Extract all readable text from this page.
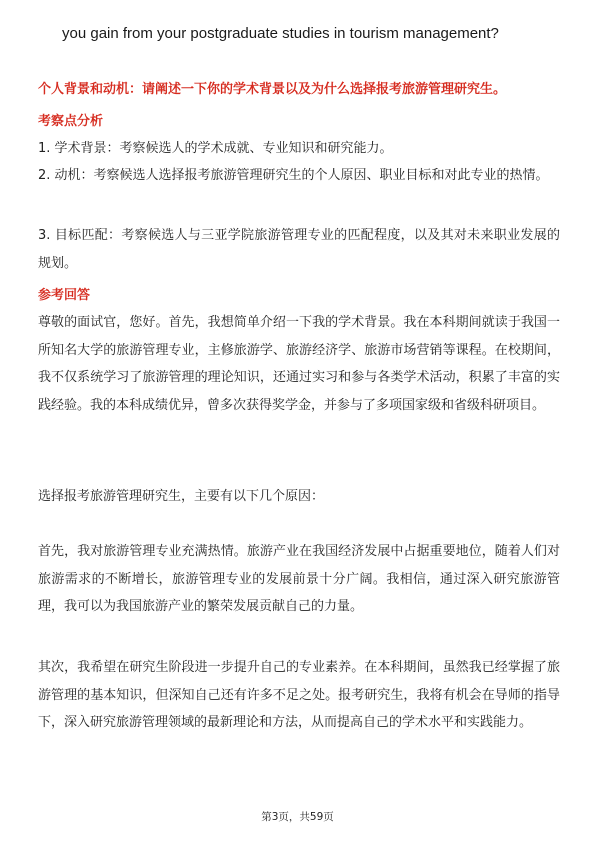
you gain from your postgraduate studies in tourism management?

个人背景和动机：请阐述一下你的学术背景以及为什么选择报考旅游管理研究生。

考察点分析

1. 学术背景：考察候选人的学术成就、专业知识和研究能力。

2. 动机：考察候选人选择报考旅游管理研究生的个人原因、职业目标和对此专业的热情。

3. 目标匹配：考察候选人与三亚学院旅游管理专业的匹配程度，以及其对未来职业发展的规划。

参考回答

尊敬的面试官，您好。首先，我想简单介绍一下我的学术背景。我在本科期间就读于我国一所知名大学的旅游管理专业，主修旅游学、旅游经济学、旅游市场营销等课程。在校期间，我不仅系统学习了旅游管理的理论知识，还通过实习和参与各类学术活动，积累了丰富的实践经验。我的本科成绩优异，曾多次获得奖学金，并参与了多项国家级和省级科研项目。

选择报考旅游管理研究生，主要有以下几个原因：

首先，我对旅游管理专业充满热情。旅游产业在我国经济发展中占据重要地位，随着人们对旅游需求的不断增长，旅游管理专业的发展前景十分广阔。我相信，通过深入研究旅游管理，我可以为我国旅游产业的繁荣发展贡献自己的力量。

其次，我希望在研究生阶段进一步提升自己的专业素养。在本科期间，虽然我已经掌握了旅游管理的基本知识，但深知自己还有许多不足之处。报考研究生，我将有机会在导师的指导下，深入研究旅游管理领域的最新理论和方法，从而提高自己的学术水平和实践能力。

第3页，共59页
